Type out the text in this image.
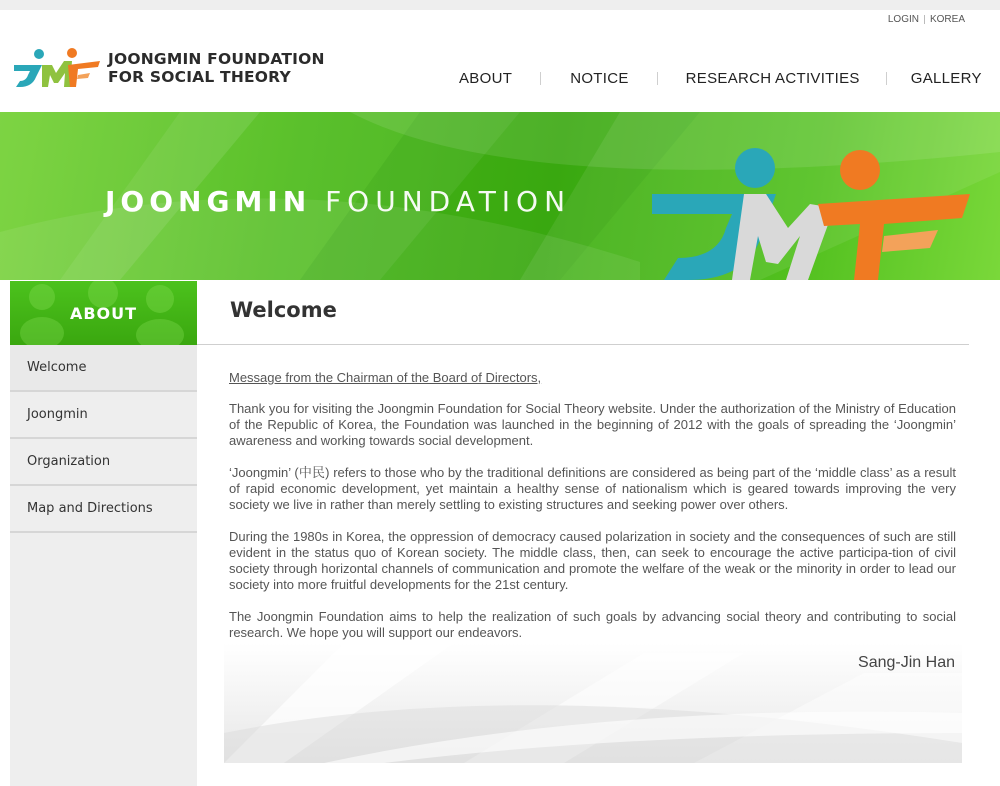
LOGIN KOREA
JOONGMIN FOUNDATION
FOR SOCIAL THEORY	ABOUT	NOTICE	RESEARCH ACTIVITIES	GALLERY
JOONGMIN FOUNDATION
ABOUT
Welcome
Joongmin
Organization
Map and Directions
Welcome

Message from the Chairman of the Board of Directors,

Thank you for visiting the Joongmin Foundation for Social Theory website. Under the authorization of the Ministry of Education of the Republic of Korea, the Foundation was launched in the beginning of 2012 with the goals of spreading the ‘Joongmin’ awareness and working towards social development.

‘Joongmin’ (中民) refers to those who by the traditional definitions are considered as being part of the ‘middle class’ as a result of rapid economic development, yet maintain a healthy sense of nationalism which is geared towards improving the very society we live in rather than merely settling to existing structures and seeking power over others.

During the 1980s in Korea, the oppression of democracy caused polarization in society and the consequences of such are still evident in the status quo of Korean society. The middle class, then, can seek to encourage the active participa-tion of civil society through horizontal channels of communication and promote the welfare of the weak or the minority in order to lead our society into more fruitful developments for the 21st century.

The Joongmin Foundation aims to help the realization of such goals by advancing social theory and contributing to social research. We hope you will support our endeavors.

Sang-Jin Han
